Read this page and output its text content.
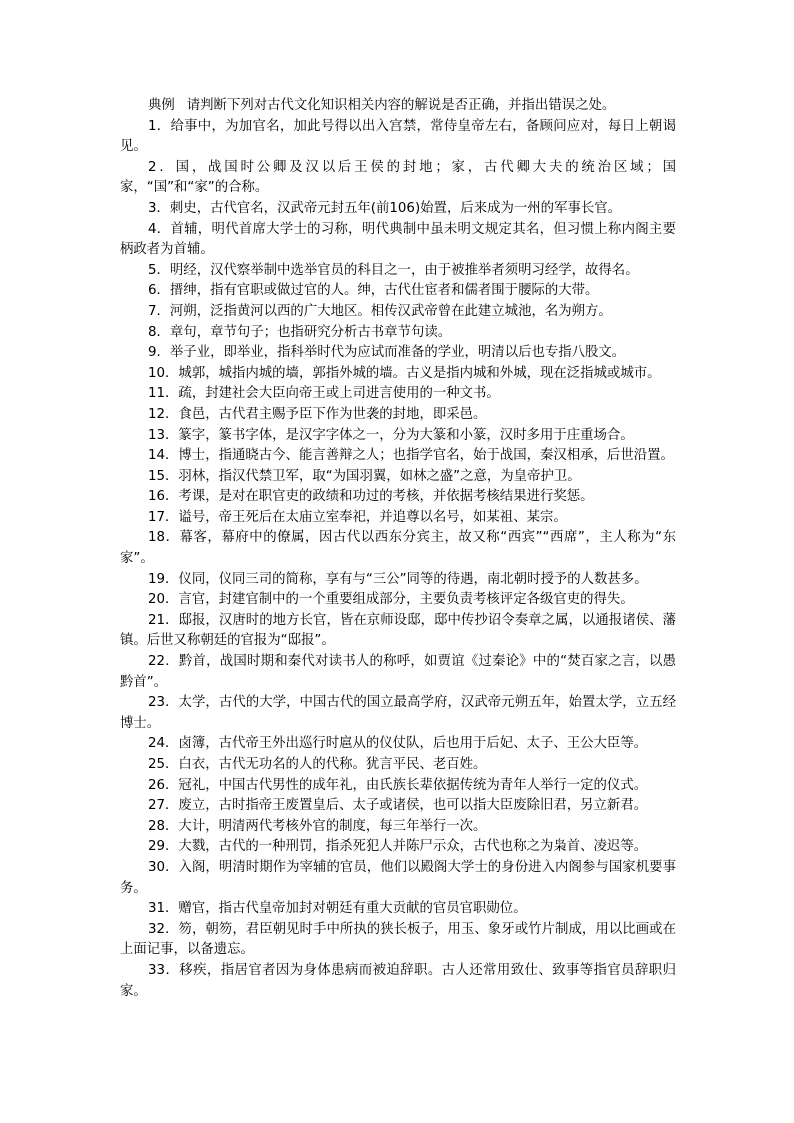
典例 请判断下列对古代文化知识相关内容的解说是否正确，并指出错误之处。

1．给事中，为加官名，加此号得以出入宫禁，常侍皇帝左右，备顾问应对，每日上朝谒见。

2．国，战国时公卿及汉以后王侯的封地；家，古代卿大夫的统治区域；国家，“国”和“家”的合称。

3．刺史，古代官名，汉武帝元封五年(前106)始置，后来成为一州的军事长官。

4．首辅，明代首席大学士的习称，明代典制中虽未明文规定其名，但习惯上称内阁主要柄政者为首辅。

5．明经，汉代察举制中选举官员的科目之一，由于被推举者须明习经学，故得名。

6．搢绅，指有官职或做过官的人。绅，古代仕宦者和儒者围于腰际的大带。

7．河朔，泛指黄河以西的广大地区。相传汉武帝曾在此建立城池，名为朔方。

8．章句，章节句子；也指研究分析古书章节句读。

9．举子业，即举业，指科举时代为应试而准备的学业，明清以后也专指八股文。

10．城郭，城指内城的墙，郭指外城的墙。古义是指内城和外城，现在泛指城或城市。

11．疏，封建社会大臣向帝王或上司进言使用的一种文书。

12．食邑，古代君主赐予臣下作为世袭的封地，即采邑。

13．篆字，篆书字体，是汉字字体之一，分为大篆和小篆，汉时多用于庄重场合。

14．博士，指通晓古今、能言善辩之人；也指学官名，始于战国，秦汉相承，后世沿置。

15．羽林，指汉代禁卫军，取“为国羽翼，如林之盛”之意，为皇帝护卫。

16．考课，是对在职官吏的政绩和功过的考核，并依据考核结果进行奖惩。

17．谥号，帝王死后在太庙立室奉祀，并追尊以名号，如某祖、某宗。

18．幕客，幕府中的僚属，因古代以西东分宾主，故又称“西宾”“西席”，主人称为“东家”。

19．仪同，仪同三司的简称，享有与“三公”同等的待遇，南北朝时授予的人数甚多。

20．言官，封建官制中的一个重要组成部分，主要负责考核评定各级官吏的得失。

21．邸报，汉唐时的地方长官，皆在京师设邸，邸中传抄诏令奏章之属，以通报诸侯、藩镇。后世又称朝廷的官报为“邸报”。

22．黔首，战国时期和秦代对读书人的称呼，如贾谊《过秦论》中的“焚百家之言，以愚黔首”。

23．太学，古代的大学，中国古代的国立最高学府，汉武帝元朔五年，始置太学，立五经博士。

24．卤簿，古代帝王外出巡行时扈从的仪仗队，后也用于后妃、太子、王公大臣等。

25．白衣，古代无功名的人的代称。犹言平民、老百姓。

26．冠礼，中国古代男性的成年礼，由氏族长辈依据传统为青年人举行一定的仪式。

27．废立，古时指帝王废置皇后、太子或诸侯，也可以指大臣废除旧君，另立新君。

28．大计，明清两代考核外官的制度，每三年举行一次。

29．大戮，古代的一种刑罚，指杀死犯人并陈尸示众，古代也称之为枭首、凌迟等。

30．入阁，明清时期作为宰辅的官员，他们以殿阁大学士的身份进入内阁参与国家机要事务。

31．赠官，指古代皇帝加封对朝廷有重大贡献的官员官职勋位。

32．笏，朝笏，君臣朝见时手中所执的狭长板子，用玉、象牙或竹片制成，用以比画或在上面记事，以备遗忘。

33．移疾，指居官者因为身体患病而被迫辞职。古人还常用致仕、致事等指官员辞职归家。
